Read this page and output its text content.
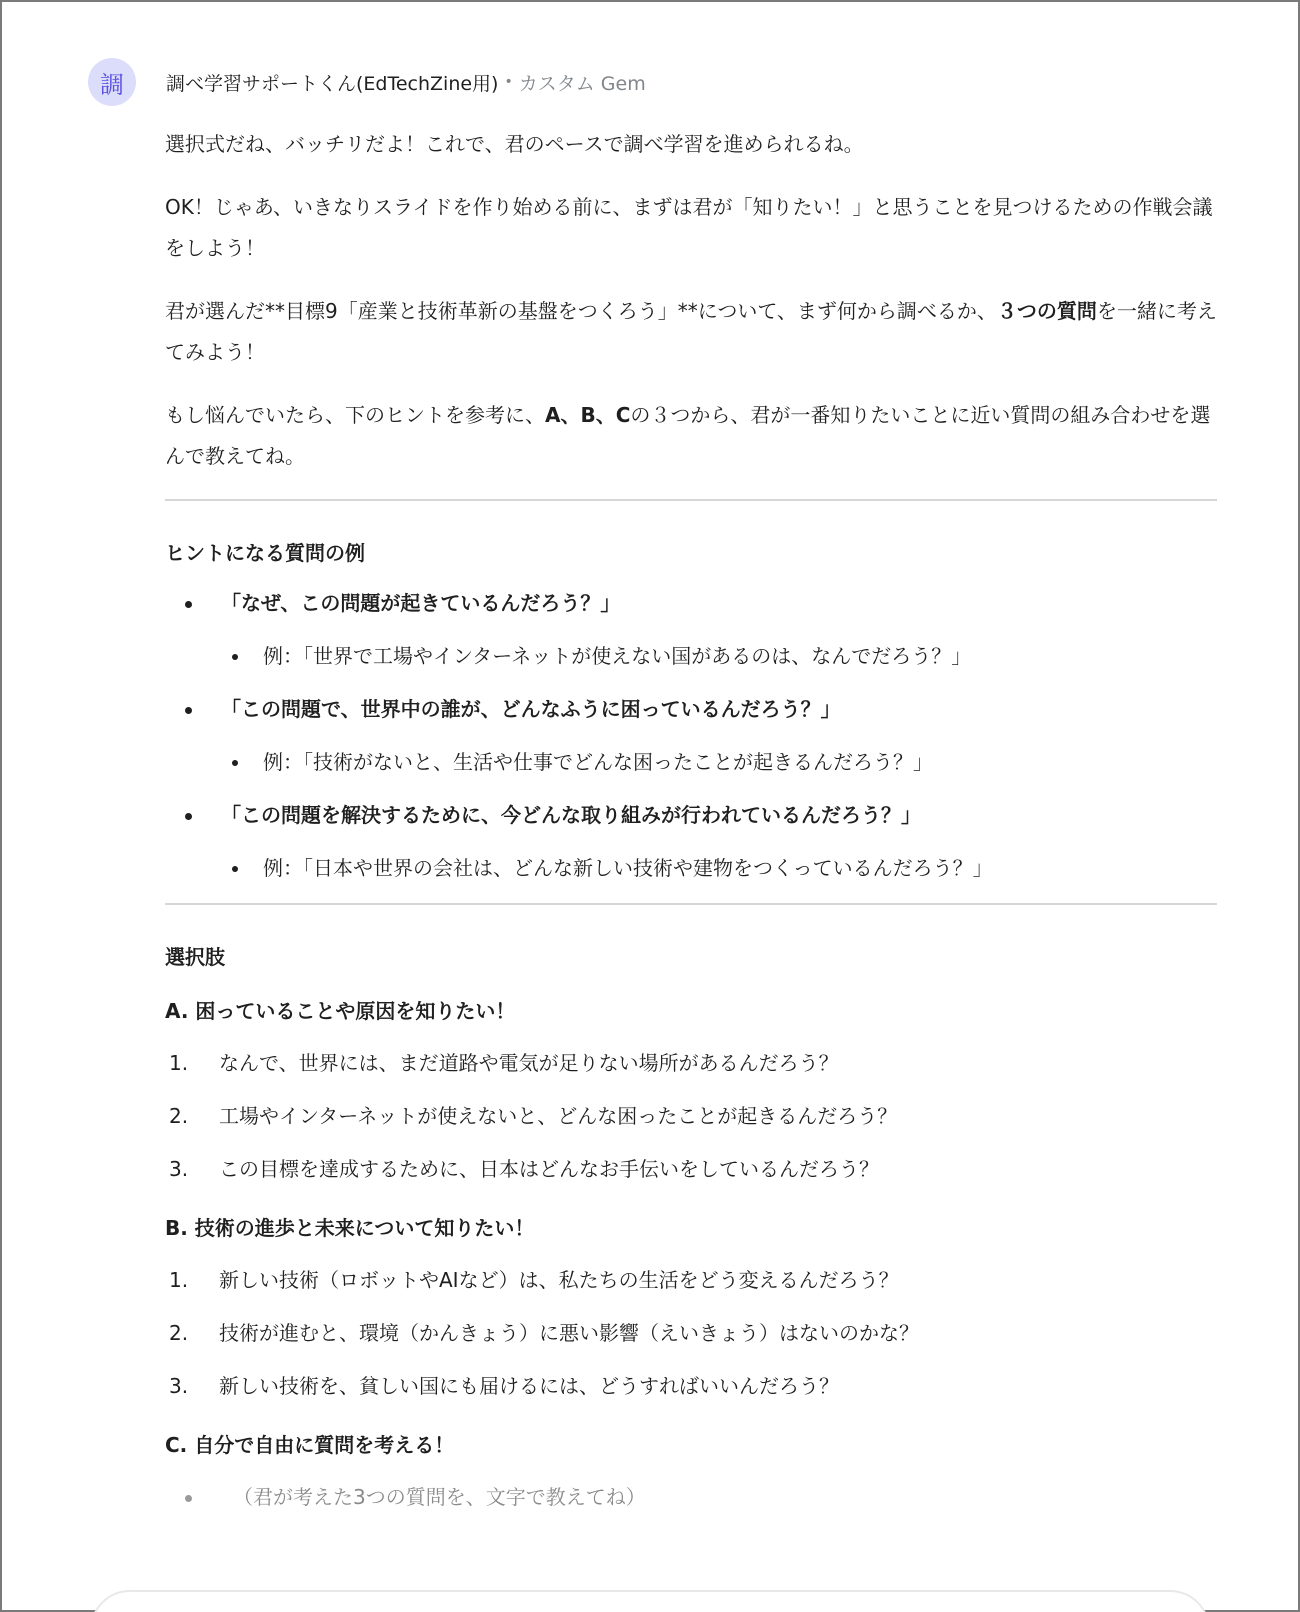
調	調べ学習サポートくん(EdTechZine用) • カスタム Gem

選択式だね、バッチリだよ！これで、君のペースで調べ学習を進められるね。

OK！じゃあ、いきなりスライドを作り始める前に、まずは君が「知りたい！」と思うことを見つけるための作戦会議をしよう！

君が選んだ**目標9「産業と技術革新の基盤をつくろう」**について、まず何から調べるか、３つの質問を一緒に考えてみよう！

もし悩んでいたら、下のヒントを参考に、A、B、Cの３つから、君が一番知りたいことに近い質問の組み合わせを選んで教えてね。

ヒントになる質問の例
「なぜ、この問題が起きているんだろう？」
例：「世界で工場やインターネットが使えない国があるのは、なんでだろう？」
「この問題で、世界中の誰が、どんなふうに困っているんだろう？」
例：「技術がないと、生活や仕事でどんな困ったことが起きるんだろう？」
「この問題を解決するために、今どんな取り組みが行われているんだろう？」
例：「日本や世界の会社は、どんな新しい技術や建物をつくっているんだろう？」
選択肢
A. 困っていることや原因を知りたい！
1.	なんで、世界には、まだ道路や電気が足りない場所があるんだろう？
2.	工場やインターネットが使えないと、どんな困ったことが起きるんだろう？
3.	この目標を達成するために、日本はどんなお手伝いをしているんだろう？
B. 技術の進歩と未来について知りたい！
1.	新しい技術（ロボットやAIなど）は、私たちの生活をどう変えるんだろう？
2.	技術が進むと、環境（かんきょう）に悪い影響（えいきょう）はないのかな？
3.	新しい技術を、貧しい国にも届けるには、どうすればいいんだろう？
C. 自分で自由に質問を考える！
（君が考えた3つの質問を、文字で教えてね）
